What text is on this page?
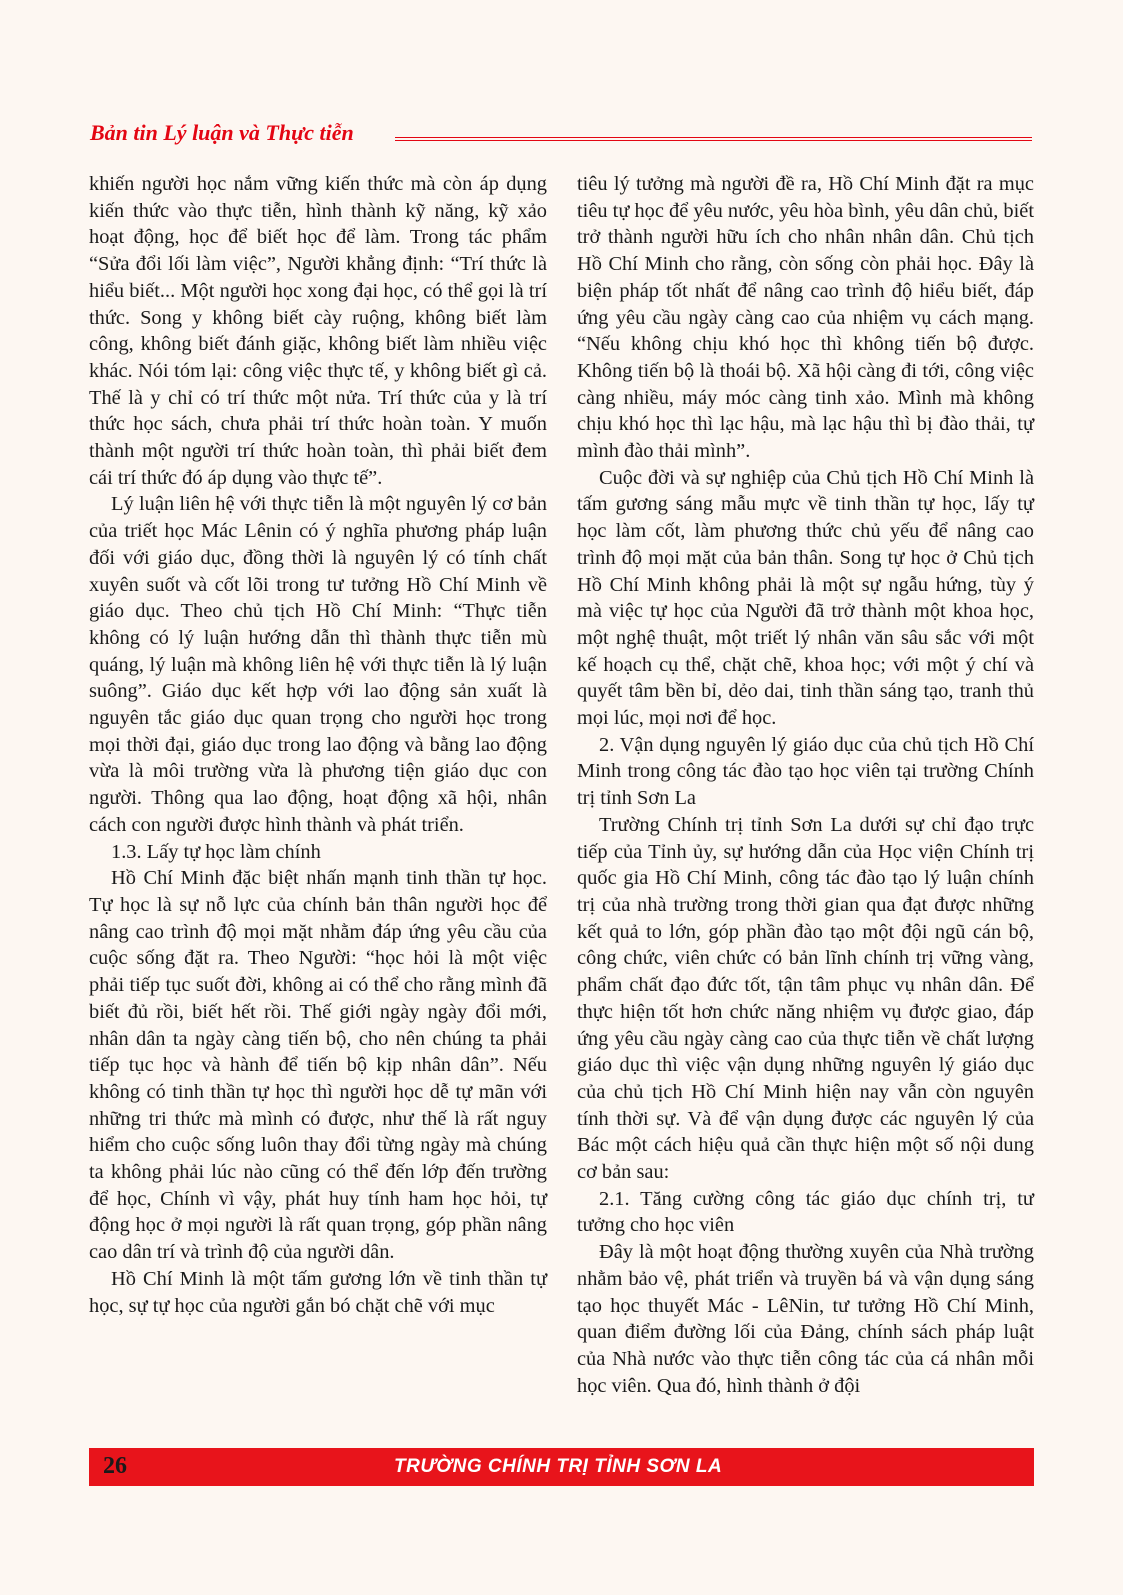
Bản tin Lý luận và Thực tiễn

khiến người học nắm vững kiến thức mà còn áp dụng kiến thức vào thực tiễn, hình thành kỹ năng, kỹ xảo hoạt động, học để biết học để làm. Trong tác phẩm “Sửa đổi lối làm việc”, Người khẳng định: “Trí thức là hiểu biết... Một người học xong đại học, có thể gọi là trí thức. Song y không biết cày ruộng, không biết làm công, không biết đánh giặc, không biết làm nhiều việc khác. Nói tóm lại: công việc thực tế, y không biết gì cả. Thế là y chỉ có trí thức một nửa. Trí thức của y là trí thức học sách, chưa phải trí thức hoàn toàn. Y muốn thành một người trí thức hoàn toàn, thì phải biết đem cái trí thức đó áp dụng vào thực tế”.

Lý luận liên hệ với thực tiễn là một nguyên lý cơ bản của triết học Mác Lênin có ý nghĩa phương pháp luận đối với giáo dục, đồng thời là nguyên lý có tính chất xuyên suốt và cốt lõi trong tư tưởng Hồ Chí Minh về giáo dục. Theo chủ tịch Hồ Chí Minh: “Thực tiễn không có lý luận hướng dẫn thì thành thực tiễn mù quáng, lý luận mà không liên hệ với thực tiễn là lý luận suông”. Giáo dục kết hợp với lao động sản xuất là nguyên tắc giáo dục quan trọng cho người học trong mọi thời đại, giáo dục trong lao động và bằng lao động vừa là môi trường vừa là phương tiện giáo dục con người. Thông qua lao động, hoạt động xã hội, nhân cách con người được hình thành và phát triển.

1.3. Lấy tự học làm chính

Hồ Chí Minh đặc biệt nhấn mạnh tinh thần tự học. Tự học là sự nỗ lực của chính bản thân người học để nâng cao trình độ mọi mặt nhằm đáp ứng yêu cầu của cuộc sống đặt ra. Theo Người: “học hỏi là một việc phải tiếp tục suốt đời, không ai có thể cho rằng mình đã biết đủ rồi, biết hết rồi. Thế giới ngày ngày đổi mới, nhân dân ta ngày càng tiến bộ, cho nên chúng ta phải tiếp tục học và hành để tiến bộ kịp nhân dân”. Nếu không có tinh thần tự học thì người học dễ tự mãn với những tri thức mà mình có được, như thế là rất nguy hiểm cho cuộc sống luôn thay đổi từng ngày mà chúng ta không phải lúc nào cũng có thể đến lớp đến trường để học, Chính vì vậy, phát huy tính ham học hỏi, tự động học ở mọi người là rất quan trọng, góp phần nâng cao dân trí và trình độ của người dân.

Hồ Chí Minh là một tấm gương lớn về tinh thần tự học, sự tự học của người gắn bó chặt chẽ với mục

tiêu lý tưởng mà người đề ra, Hồ Chí Minh đặt ra mục tiêu tự học để yêu nước, yêu hòa bình, yêu dân chủ, biết trở thành người hữu ích cho nhân nhân dân. Chủ tịch Hồ Chí Minh cho rằng, còn sống còn phải học. Đây là biện pháp tốt nhất để nâng cao trình độ hiểu biết, đáp ứng yêu cầu ngày càng cao của nhiệm vụ cách mạng. “Nếu không chịu khó học thì không tiến bộ được. Không tiến bộ là thoái bộ. Xã hội càng đi tới, công việc càng nhiều, máy móc càng tinh xảo. Mình mà không chịu khó học thì lạc hậu, mà lạc hậu thì bị đào thải, tự mình đào thải mình”.

Cuộc đời và sự nghiệp của Chủ tịch Hồ Chí Minh là tấm gương sáng mẫu mực về tinh thần tự học, lấy tự học làm cốt, làm phương thức chủ yếu để nâng cao trình độ mọi mặt của bản thân. Song tự học ở Chủ tịch Hồ Chí Minh không phải là một sự ngẫu hứng, tùy ý mà việc tự học của Người đã trở thành một khoa học, một nghệ thuật, một triết lý nhân văn sâu sắc với một kế hoạch cụ thể, chặt chẽ, khoa học; với một ý chí và quyết tâm bền bỉ, dẻo dai, tinh thần sáng tạo, tranh thủ mọi lúc, mọi nơi để học.

2. Vận dụng nguyên lý giáo dục của chủ tịch Hồ Chí Minh trong công tác đào tạo học viên tại trường Chính trị tỉnh Sơn La

Trường Chính trị tỉnh Sơn La dưới sự chỉ đạo trực tiếp của Tỉnh ủy, sự hướng dẫn của Học viện Chính trị quốc gia Hồ Chí Minh, công tác đào tạo lý luận chính trị của nhà trường trong thời gian qua đạt được những kết quả to lớn, góp phần đào tạo một đội ngũ cán bộ, công chức, viên chức có bản lĩnh chính trị vững vàng, phẩm chất đạo đức tốt, tận tâm phục vụ nhân dân. Để thực hiện tốt hơn chức năng nhiệm vụ được giao, đáp ứng yêu cầu ngày càng cao của thực tiễn về chất lượng giáo dục thì việc vận dụng những nguyên lý giáo dục của chủ tịch Hồ Chí Minh hiện nay vẫn còn nguyên tính thời sự. Và để vận dụng được các nguyên lý của Bác một cách hiệu quả cần thực hiện một số nội dung cơ bản sau:

2.1. Tăng cường công tác giáo dục chính trị, tư tưởng cho học viên

Đây là một hoạt động thường xuyên của Nhà trường nhằm bảo vệ, phát triển và truyền bá và vận dụng sáng tạo học thuyết Mác - LêNin, tư tưởng Hồ Chí Minh, quan điểm đường lối của Đảng, chính sách pháp luật của Nhà nước vào thực tiễn công tác của cá nhân mỗi học viên. Qua đó, hình thành ở đội

26	TRƯỜNG CHÍNH TRỊ TỈNH SƠN LA
